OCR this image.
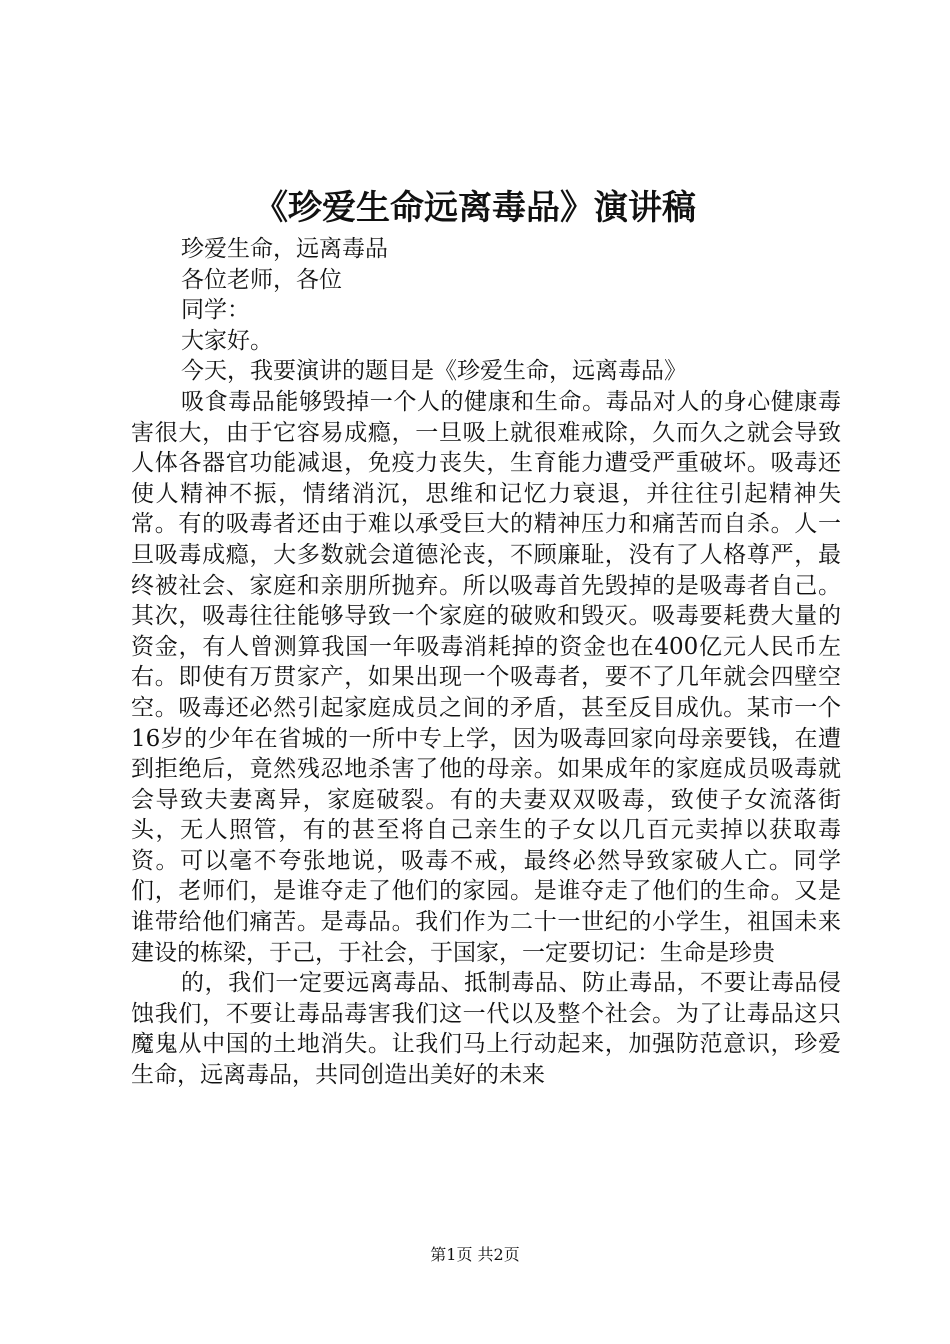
《珍爱生命远离毒品》演讲稿

珍爱生命，远离毒品

各位老师，各位

同学：

大家好。

今天，我要演讲的题目是《珍爱生命，远离毒品》

吸食毒品能够毁掉一个人的健康和生命。毒品对人的身心健康毒害很大，由于它容易成瘾，一旦吸上就很难戒除，久而久之就会导致人体各器官功能减退，免疫力丧失，生育能力遭受严重破坏。吸毒还使人精神不振，情绪消沉，思维和记忆力衰退，并往往引起精神失常。有的吸毒者还由于难以承受巨大的精神压力和痛苦而自杀。人一旦吸毒成瘾，大多数就会道德沦丧，不顾廉耻，没有了人格尊严，最终被社会、家庭和亲朋所抛弃。所以吸毒首先毁掉的是吸毒者自己。其次，吸毒往往能够导致一个家庭的破败和毁灭。吸毒要耗费大量的资金，有人曾测算我国一年吸毒消耗掉的资金也在400亿元人民币左右。即使有万贯家产，如果出现一个吸毒者，要不了几年就会四壁空空。吸毒还必然引起家庭成员之间的矛盾，甚至反目成仇。某市一个16岁的少年在省城的一所中专上学，因为吸毒回家向母亲要钱，在遭到拒绝后，竟然残忍地杀害了他的母亲。如果成年的家庭成员吸毒就会导致夫妻离异，家庭破裂。有的夫妻双双吸毒，致使子女流落街头，无人照管，有的甚至将自己亲生的子女以几百元卖掉以获取毒资。可以毫不夸张地说，吸毒不戒，最终必然导致家破人亡。同学们，老师们，是谁夺走了他们的家园。是谁夺走了他们的生命。又是谁带给他们痛苦。是毒品。我们作为二十一世纪的小学生，祖国未来建设的栋梁，于己，于社会，于国家，一定要切记：生命是珍贵

的，我们一定要远离毒品、抵制毒品、防止毒品，不要让毒品侵蚀我们，不要让毒品毒害我们这一代以及整个社会。为了让毒品这只魔鬼从中国的土地消失。让我们马上行动起来，加强防范意识，珍爱生命，远离毒品，共同创造出美好的未来

第1页 共2页
